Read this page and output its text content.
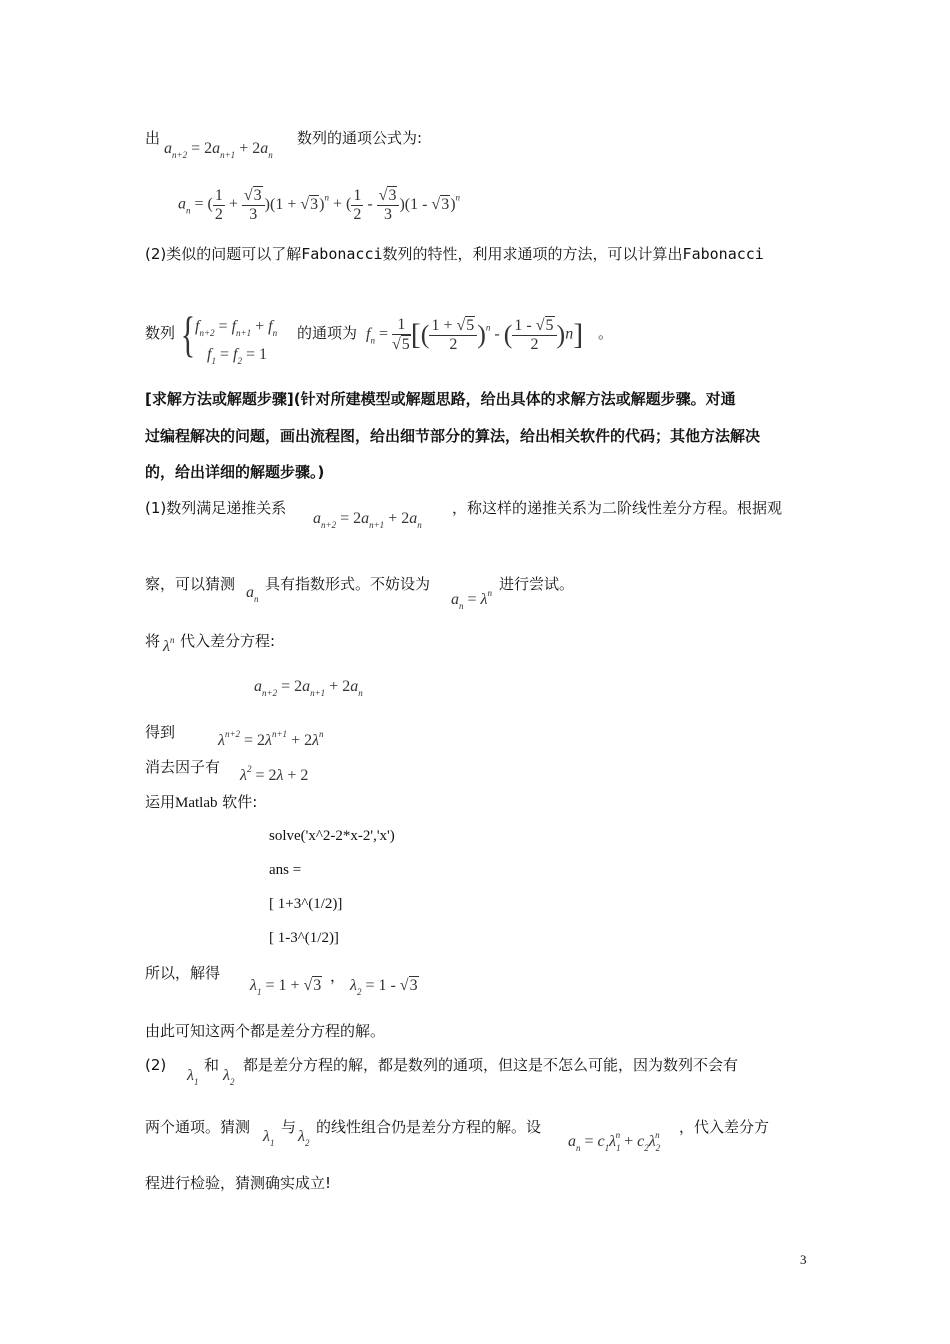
出
$a_{n+2} = 2a_{n+1} + 2a_n$
数列的通项公式为:
$a_n$ = ( $\frac{1}{2} + \frac{√3}{3} )(1 + √3)^n$ + ( $\frac{1}{2} - \frac{√3}{3} )(1 - √3)^n$
(2)类似的问题可以了解Fabonacci数列的特性，利用求通项的方法，可以计算出Fabonacci
数列 { $f_{n+2} = f_{n+1} + f_n$
$f_1 = f_2 = 1$
的通项为 $f_n = \frac{1}{√5}$ [( $\frac{1 + √5}{2} )^n$ - ( $\frac{1 - √5}{2} )n$] 。
[求解方法或解题步骤](针对所建模型或解题思路，给出具体的求解方法或解题步骤。对通
过编程解决的问题，画出流程图，给出细节部分的算法，给出相关软件的代码；其他方法解决
的，给出详细的解题步骤。)
(1)数列满足递推关系
$a_{n+2} = 2a_{n+1} + 2a_n$
，称这样的递推关系为二阶线性差分方程。根据观
察，可以猜测 $a_n$
具有指数形式。不妨设为
$a_n = \lambda^n$ 进行尝试。
将 $\lambda^n$ 代入差分方程:
$a_{n+2} = 2a_{n+1} + 2a_n$
得到	$\lambda^{n+2} = 2\lambda^{n+1} + 2\lambda^n$
消去因子有 $\lambda^2 = 2\lambda + 2$
运用Matlab 软件:
solve('x^2-2*x-2','x')
ans =
[ 1+3^(1/2)]
[ 1-3^(1/2)]
所以，解得
$\lambda_1 = 1 + √3$
，
$\lambda_2 = 1 - √3$
由此可知这两个都是差分方程的解。
(2)
$\lambda_1$
和
$\lambda_2$
都是差分方程的解，都是数列的通项，但这是不怎么可能，因为数列不会有
两个通项。猜测
$\lambda_1$
与
$\lambda_2$
的线性组合仍是差分方程的解。设
$a_n = c_1\lambda_1^n + c_2\lambda_2^n$ ，代入差分方
程进行检验，猜测确实成立!
3
